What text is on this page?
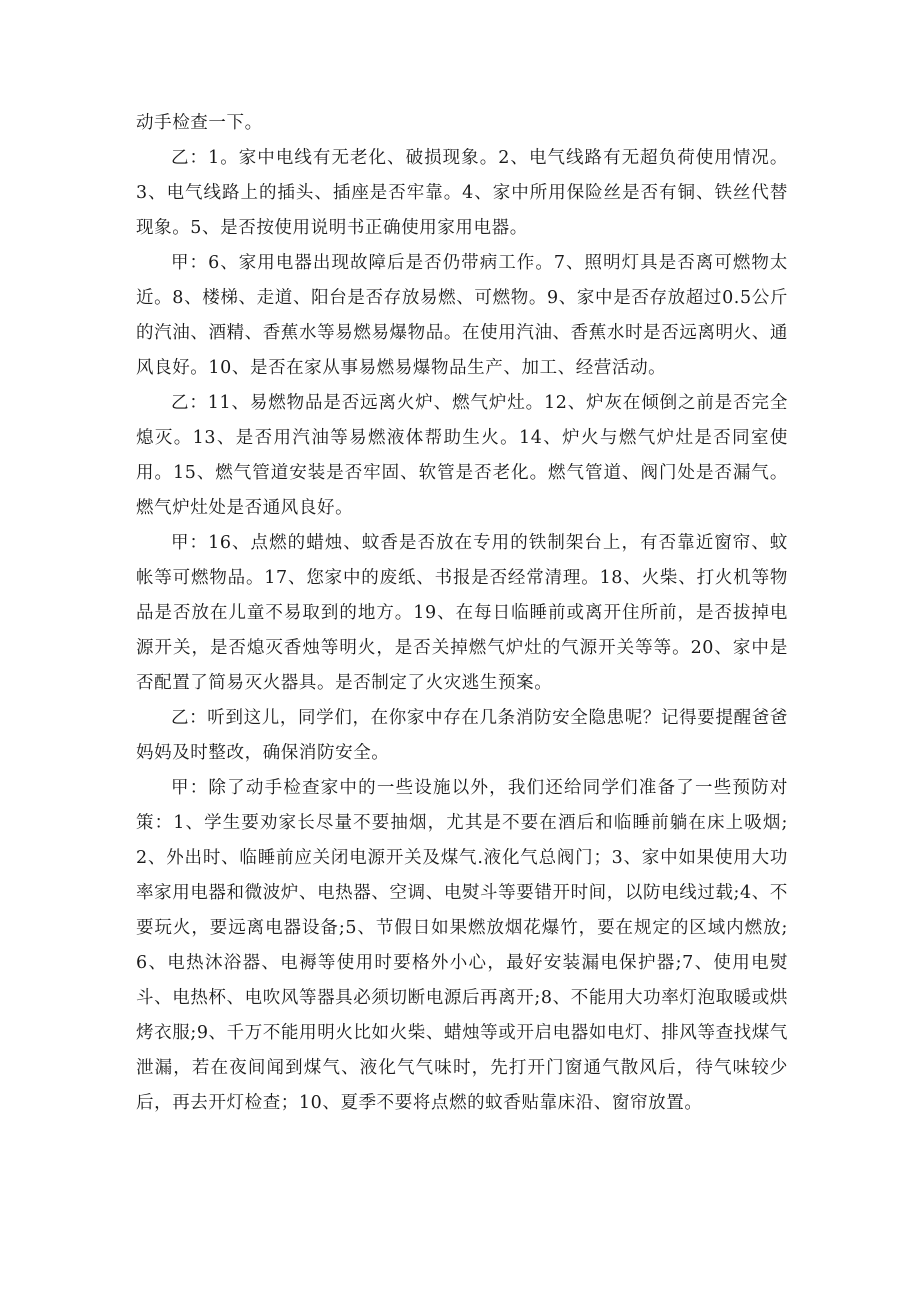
动手检查一下。

乙：1。家中电线有无老化、破损现象。2、电气线路有无超负荷使用情况。3、电气线路上的插头、插座是否牢靠。4、家中所用保险丝是否有铜、铁丝代替现象。5、是否按使用说明书正确使用家用电器。

甲：6、家用电器出现故障后是否仍带病工作。7、照明灯具是否离可燃物太近。8、楼梯、走道、阳台是否存放易燃、可燃物。9、家中是否存放超过0.5公斤的汽油、酒精、香蕉水等易燃易爆物品。在使用汽油、香蕉水时是否远离明火、通风良好。10、是否在家从事易燃易爆物品生产、加工、经营活动。

乙：11、易燃物品是否远离火炉、燃气炉灶。12、炉灰在倾倒之前是否完全熄灭。13、是否用汽油等易燃液体帮助生火。14、炉火与燃气炉灶是否同室使用。15、燃气管道安装是否牢固、软管是否老化。燃气管道、阀门处是否漏气。燃气炉灶处是否通风良好。

甲：16、点燃的蜡烛、蚊香是否放在专用的铁制架台上，有否靠近窗帘、蚊帐等可燃物品。17、您家中的废纸、书报是否经常清理。18、火柴、打火机等物品是否放在儿童不易取到的地方。19、在每日临睡前或离开住所前，是否拔掉电源开关，是否熄灭香烛等明火，是否关掉燃气炉灶的气源开关等等。20、家中是否配置了简易灭火器具。是否制定了火灾逃生预案。

乙：听到这儿，同学们，在你家中存在几条消防安全隐患呢？记得要提醒爸爸妈妈及时整改，确保消防安全。

甲：除了动手检查家中的一些设施以外，我们还给同学们准备了一些预防对策：1、学生要劝家长尽量不要抽烟，尤其是不要在酒后和临睡前躺在床上吸烟;2、外出时、临睡前应关闭电源开关及煤气.液化气总阀门；3、家中如果使用大功率家用电器和微波炉、电热器、空调、电熨斗等要错开时间，以防电线过载;4、不要玩火，要远离电器设备;5、节假日如果燃放烟花爆竹，要在规定的区域内燃放;6、电热沐浴器、电褥等使用时要格外小心，最好安装漏电保护器;7、使用电熨斗、电热杯、电吹风等器具必须切断电源后再离开;8、不能用大功率灯泡取暖或烘烤衣服;9、千万不能用明火比如火柴、蜡烛等或开启电器如电灯、排风等查找煤气泄漏，若在夜间闻到煤气、液化气气味时，先打开门窗通气散风后，待气味较少后，再去开灯检查；10、夏季不要将点燃的蚊香贴靠床沿、窗帘放置。
